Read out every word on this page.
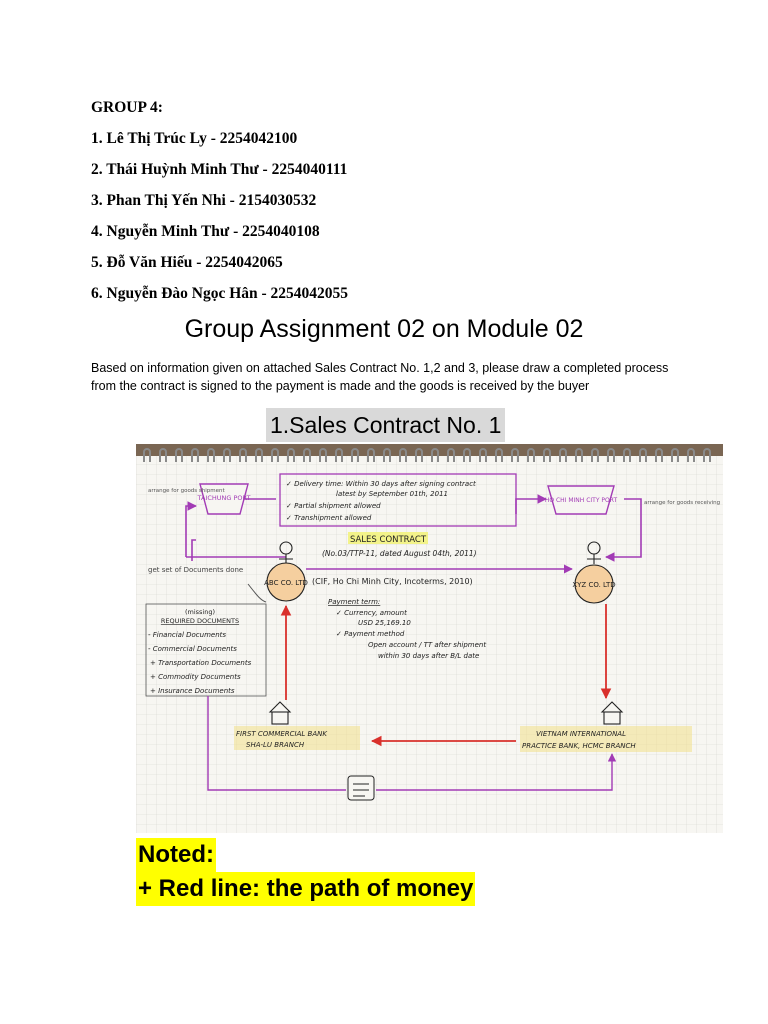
GROUP 4:
1. Lê Thị Trúc Ly - 2254042100
2. Thái Huỳnh Minh Thư - 2254040111
3. Phan Thị Yến Nhi - 2154030532
4. Nguyễn Minh Thư - 2254040108
5. Đỗ Văn Hiếu - 2254042065
6. Nguyễn Đào Ngọc Hân - 2254042055
Group Assignment 02 on Module 02

Based on information given on attached Sales Contract No. 1,2 and 3, please draw a completed process from the contract is signed to the payment is made and the goods is received by the buyer

1.Sales Contract No. 1
TAICHUNG PORT	HO CHI MINH CITY PORT
arrange for goods shipment
arrange for goods receiving
✓ Delivery time: Within 30 days after signing contract
latest by September 01th, 2011
✓ Partial shipment allowed
✓ Transhipment allowed
SALES CONTRACT
(No.03/TTP-11, dated August 04th, 2011)
ABC CO. LTD	XYZ CO. LTD
(CIF, Ho Chi Minh City, Incoterms, 2010)
Payment term:
✓ Currency, amount
USD 25,169.10
✓ Payment method
Open account / TT after shipment
within 30 days after B/L date
get set of Documents done
(missing)
REQUIRED DOCUMENTS
- Financial Documents
- Commercial Documents
+ Transportation Documents
+ Commodity Documents
+ Insurance Documents
FIRST COMMERCIAL BANK
SHA-LU BRANCH
VIETNAM INTERNATIONAL
PRACTICE BANK, HCMC BRANCH
Noted:
+ Red line: the path of money
